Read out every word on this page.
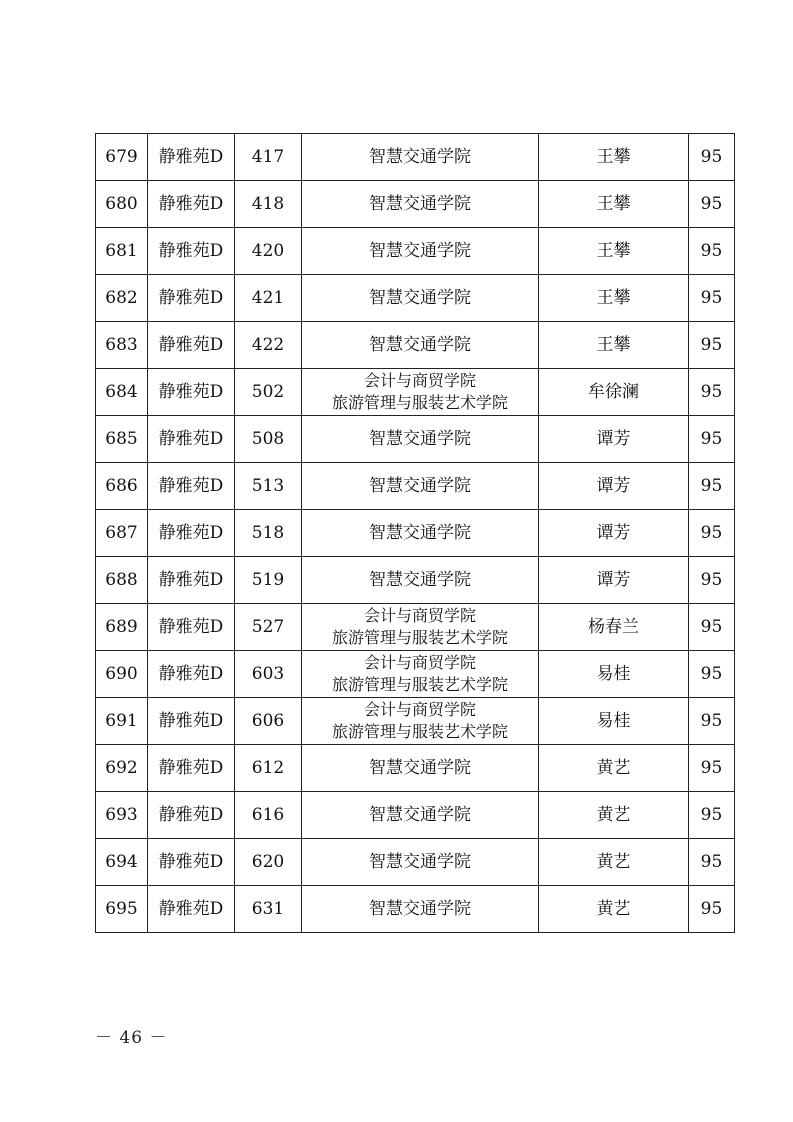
679	静雅苑D	417	智慧交通学院	王攀	95
680	静雅苑D	418	智慧交通学院	王攀	95
681	静雅苑D	420	智慧交通学院	王攀	95
682	静雅苑D	421	智慧交通学院	王攀	95
683	静雅苑D	422	智慧交通学院	王攀	95
684	静雅苑D	502	会计与商贸学院
旅游管理与服装艺术学院	牟徐澜	95
685	静雅苑D	508	智慧交通学院	谭芳	95
686	静雅苑D	513	智慧交通学院	谭芳	95
687	静雅苑D	518	智慧交通学院	谭芳	95
688	静雅苑D	519	智慧交通学院	谭芳	95
689	静雅苑D	527	会计与商贸学院
旅游管理与服装艺术学院	杨春兰	95
690	静雅苑D	603	会计与商贸学院
旅游管理与服装艺术学院	易桂	95
691	静雅苑D	606	会计与商贸学院
旅游管理与服装艺术学院	易桂	95
692	静雅苑D	612	智慧交通学院	黄艺	95
693	静雅苑D	616	智慧交通学院	黄艺	95
694	静雅苑D	620	智慧交通学院	黄艺	95
695	静雅苑D	631	智慧交通学院	黄艺	95
－ 46 －
